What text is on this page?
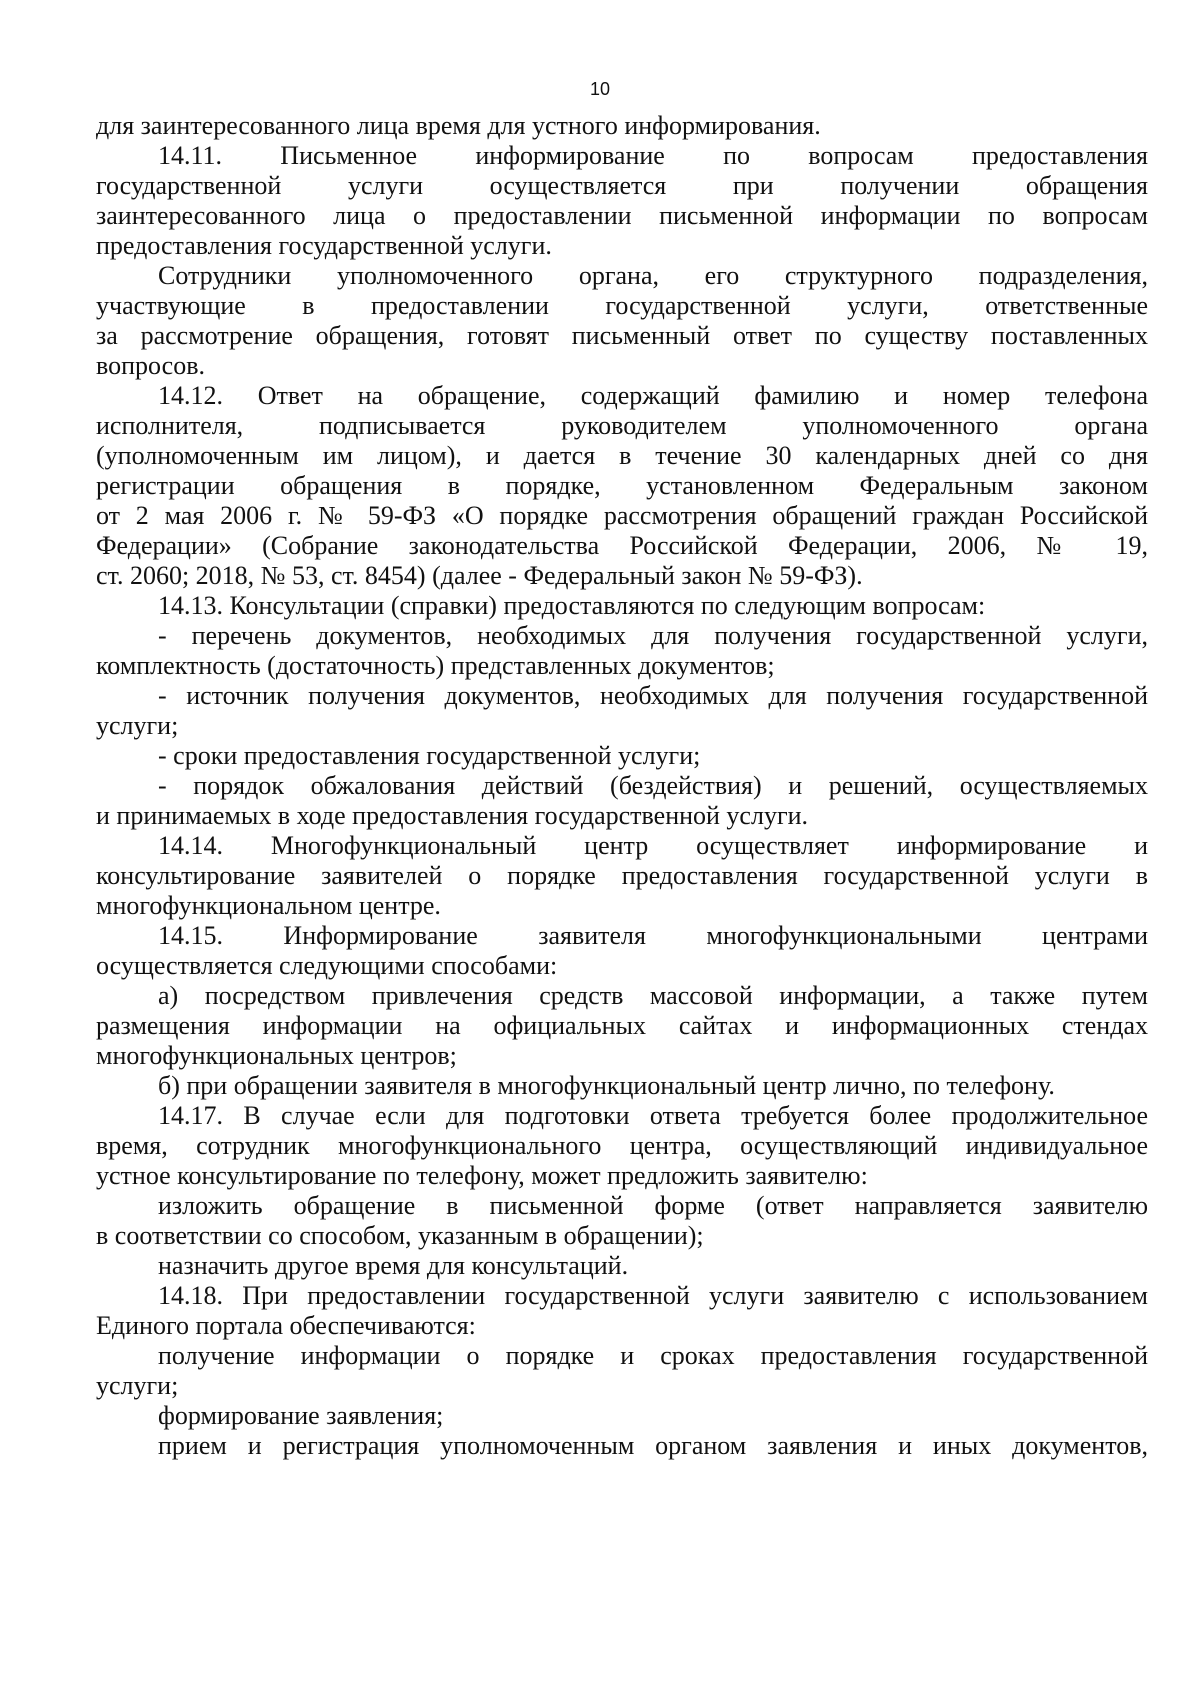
10
для заинтересованного лица время для устного информирования.
14.11. Письменное информирование по вопросам предоставления
государственной услуги осуществляется при получении обращения
заинтересованного лица о предоставлении письменной информации по вопросам
предоставления государственной услуги.
Сотрудники уполномоченного органа, его структурного подразделения,
участвующие в предоставлении государственной услуги, ответственные
за рассмотрение обращения, готовят письменный ответ по существу поставленных
вопросов.
14.12. Ответ на обращение, содержащий фамилию и номер телефона
исполнителя, подписывается руководителем уполномоченного органа
(уполномоченным им лицом), и дается в течение 30 календарных дней со дня
регистрации обращения в порядке, установленном Федеральным законом
от 2 мая 2006 г. № 59-ФЗ «О порядке рассмотрения обращений граждан Российской
Федерации» (Собрание законодательства Российской Федерации, 2006, № 19,
ст. 2060; 2018, № 53, ст. 8454) (далее - Федеральный закон № 59-ФЗ).
14.13. Консультации (справки) предоставляются по следующим вопросам:
- перечень документов, необходимых для получения государственной услуги,
комплектность (достаточность) представленных документов;
- источник получения документов, необходимых для получения государственной
услуги;
- сроки предоставления государственной услуги;
- порядок обжалования действий (бездействия) и решений, осуществляемых
и принимаемых в ходе предоставления государственной услуги.
14.14. Многофункциональный центр осуществляет информирование и
консультирование заявителей о порядке предоставления государственной услуги в
многофункциональном центре.
14.15. Информирование заявителя многофункциональными центрами
осуществляется следующими способами:
а) посредством привлечения средств массовой информации, а также путем
размещения информации на официальных сайтах и информационных стендах
многофункциональных центров;
б) при обращении заявителя в многофункциональный центр лично, по телефону.
14.17. В случае если для подготовки ответа требуется более продолжительное
время, сотрудник многофункционального центра, осуществляющий индивидуальное
устное консультирование по телефону, может предложить заявителю:
изложить обращение в письменной форме (ответ направляется заявителю
в соответствии со способом, указанным в обращении);
назначить другое время для консультаций.
14.18. При предоставлении государственной услуги заявителю с использованием
Единого портала обеспечиваются:
получение информации о порядке и сроках предоставления государственной
услуги;
формирование заявления;
прием и регистрация уполномоченным органом заявления и иных документов,
